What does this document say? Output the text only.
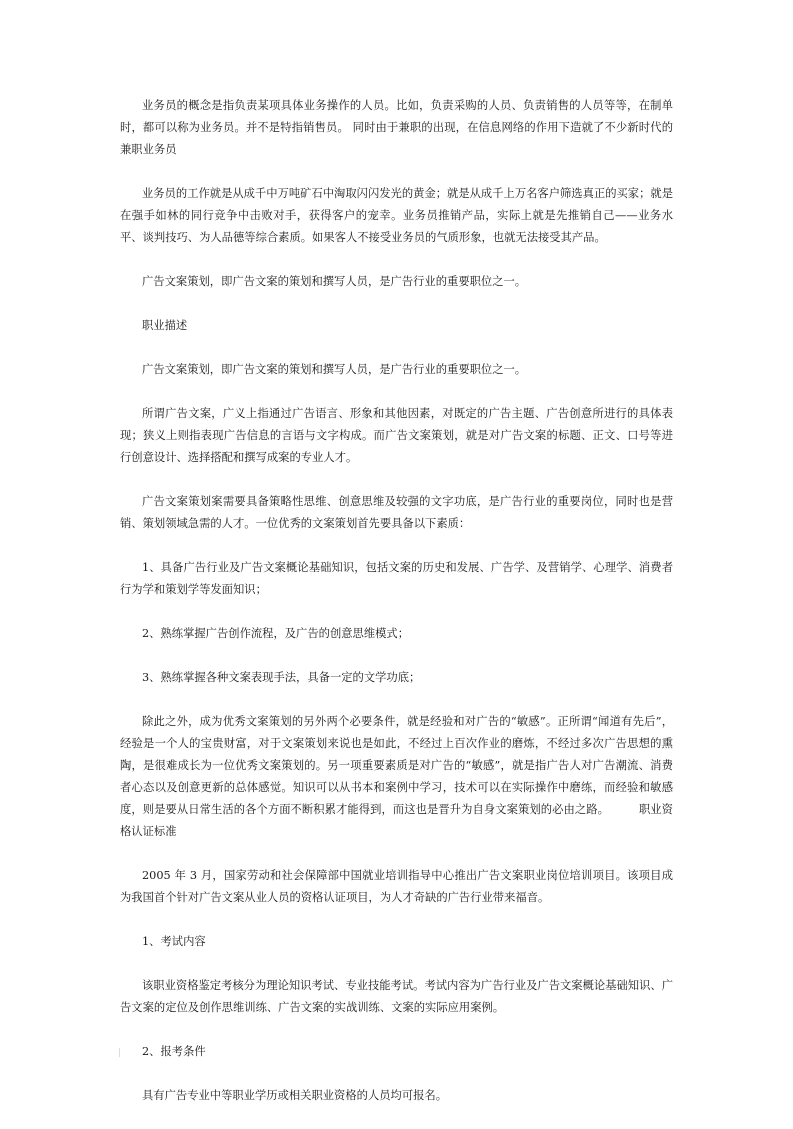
业务员的概念是指负责某项具体业务操作的人员。比如，负责采购的人员、负责销售的人员等等，在制单时，都可以称为业务员。并不是特指销售员。 同时由于兼职的出现，在信息网络的作用下造就了不少新时代的兼职业务员

业务员的工作就是从成千中万吨矿石中淘取闪闪发光的黄金；就是从成千上万名客户筛选真正的买家；就是在强手如林的同行竞争中击败对手，获得客户的宠幸。业务员推销产品，实际上就是先推销自己——业务水平、谈判技巧、为人品德等综合素质。如果客人不接受业务员的气质形象，也就无法接受其产品。

广告文案策划，即广告文案的策划和撰写人员，是广告行业的重要职位之一。

职业描述

广告文案策划，即广告文案的策划和撰写人员，是广告行业的重要职位之一。

所谓广告文案，广义上指通过广告语言、形象和其他因素，对既定的广告主题、广告创意所进行的具体表现；狭义上则指表现广告信息的言语与文字构成。而广告文案策划，就是对广告文案的标题、正文、口号等进行创意设计、选择搭配和撰写成案的专业人才。

广告文案策划案需要具备策略性思维、创意思维及较强的文字功底，是广告行业的重要岗位，同时也是营销、策划领域急需的人才。一位优秀的文案策划首先要具备以下素质：

1、具备广告行业及广告文案概论基础知识，包括文案的历史和发展、广告学、及营销学、心理学、消费者行为学和策划学等发面知识；

2、熟练掌握广告创作流程，及广告的创意思维模式；

3、熟练掌握各种文案表现手法，具备一定的文学功底；

除此之外，成为优秀文案策划的另外两个必要条件，就是经验和对广告的“敏感”。正所谓“闻道有先后”，经验是一个人的宝贵财富，对于文案策划来说也是如此，不经过上百次作业的磨炼，不经过多次广告思想的熏陶，是很难成长为一位优秀文案策划的。另一项重要素质是对广告的“敏感”，就是指广告人对广告潮流、消费者心态以及创意更新的总体感觉。知识可以从书本和案例中学习，技术可以在实际操作中磨练，而经验和敏感度，则是要从日常生活的各个方面不断积累才能得到，而这也是晋升为自身文案策划的必由之路。	职业资格认证标准

2005 年 3 月，国家劳动和社会保障部中国就业培训指导中心推出广告文案职业岗位培训项目。该项目成为我国首个针对广告文案从业人员的资格认证项目，为人才奇缺的广告行业带来福音。

1、考试内容

该职业资格鉴定考核分为理论知识考试、专业技能考试。考试内容为广告行业及广告文案概论基础知识、广告文案的定位及创作思维训练、广告文案的实战训练、文案的实际应用案例。

2、报考条件

具有广告专业中等职业学历或相关职业资格的人员均可报名。
